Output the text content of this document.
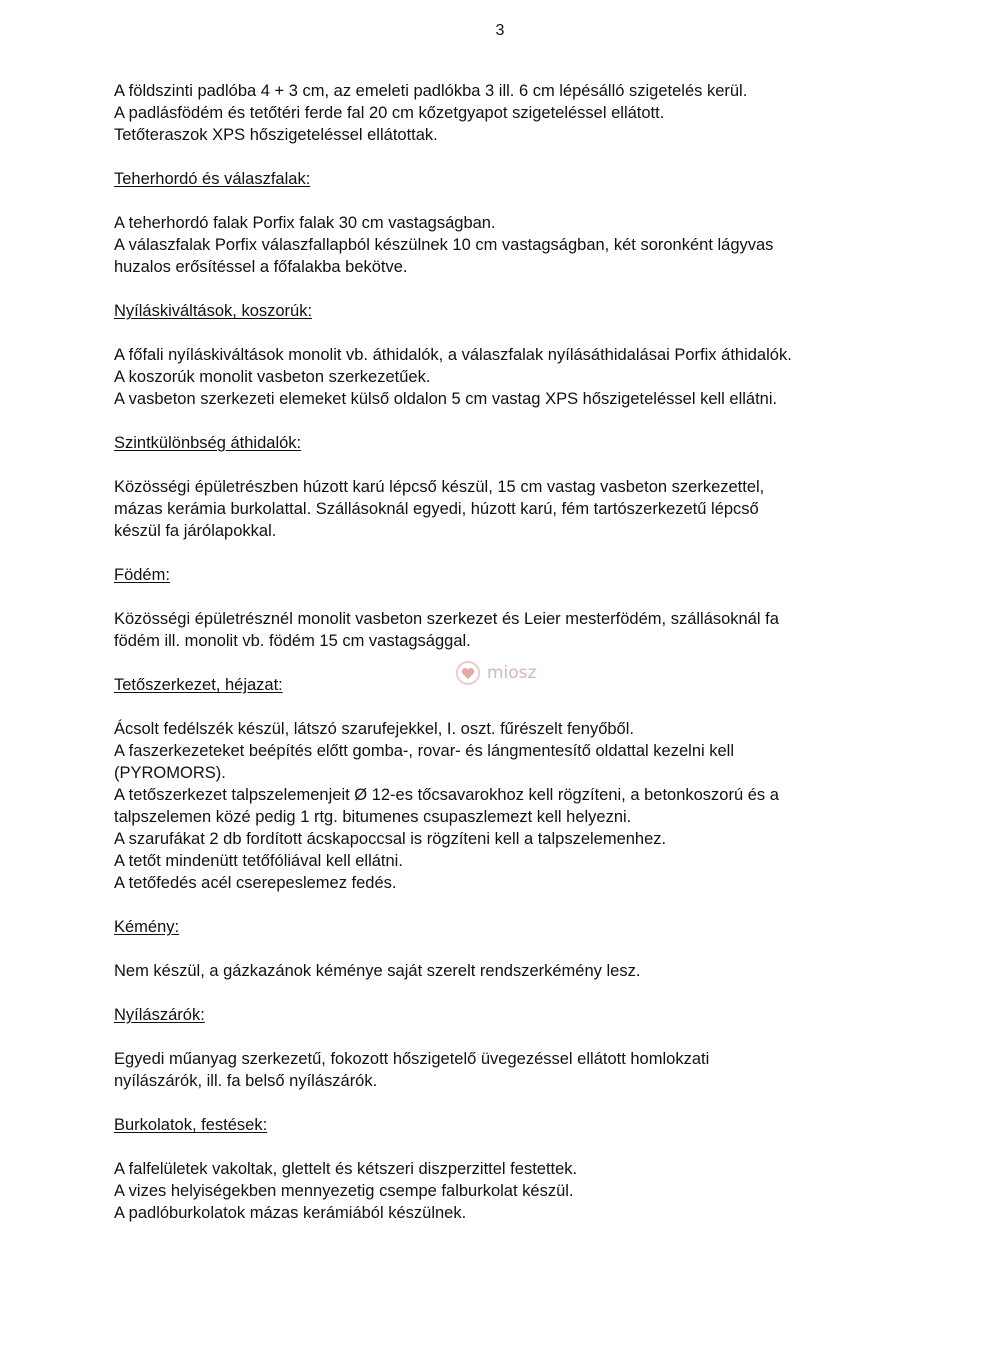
3

A földszinti padlóba 4 + 3 cm, az emeleti padlókba 3 ill. 6 cm lépésálló szigetelés kerül.
A padlásfödém és tetőtéri ferde fal 20 cm kőzetgyapot szigeteléssel ellátott.
Tetőteraszok XPS hőszigeteléssel ellátottak.

Teherhordó és válaszfalak:

A teherhordó falak Porfix falak 30 cm vastagságban.
A válaszfalak Porfix válaszfallapból készülnek 10 cm vastagságban, két soronként lágyvas
huzalos erősítéssel a főfalakba bekötve.

Nyíláskiváltások, koszorúk:

A főfali nyíláskiváltások monolit vb. áthidalók, a válaszfalak nyílásáthidalásai Porfix áthidalók.
A koszorúk monolit vasbeton szerkezetűek.
A vasbeton szerkezeti elemeket külső oldalon 5 cm vastag XPS hőszigeteléssel kell ellátni.

Szintkülönbség áthidalók:

Közösségi épületrészben húzott karú lépcső készül, 15 cm vastag vasbeton szerkezettel,
mázas kerámia burkolattal. Szállásoknál egyedi, húzott karú, fém tartószerkezetű lépcső
készül fa járólapokkal.

Födém:

Közösségi épületrésznél monolit vasbeton szerkezet és Leier mesterfödém, szállásoknál fa
födém ill. monolit vb. födém 15 cm vastagsággal.

Tetőszerkezet, héjazat:

Ácsolt fedélszék készül, látszó szarufejekkel, I. oszt. fűrészelt fenyőből.
A faszerkezeteket beépítés előtt gomba-, rovar- és lángmentesítő oldattal kezelni kell
(PYROMORS).
A tetőszerkezet talpszelemenjeit Ø 12-es tőcsavarokhoz kell rögzíteni, a betonkoszorú és a
talpszelemen közé pedig 1 rtg. bitumenes csupaszlemezt kell helyezni.
A szarufákat 2 db fordított ácskapoccsal is rögzíteni kell a talpszelemenhez.
A tetőt mindenütt tetőfóliával kell ellátni.
A tetőfedés acél cserepeslemez fedés.

Kémény:

Nem készül, a gázkazánok kéménye saját szerelt rendszerkémény lesz.

Nyílászárók:

Egyedi műanyag szerkezetű, fokozott hőszigetelő üvegezéssel ellátott homlokzati
nyílászárók, ill. fa belső nyílászárók.

Burkolatok, festések:

A falfelületek vakoltak, glettelt és kétszeri diszperzittel festettek.
A vizes helyiségekben mennyezetig csempe falburkolat készül.
A padlóburkolatok mázas kerámiából készülnek.

miosz
